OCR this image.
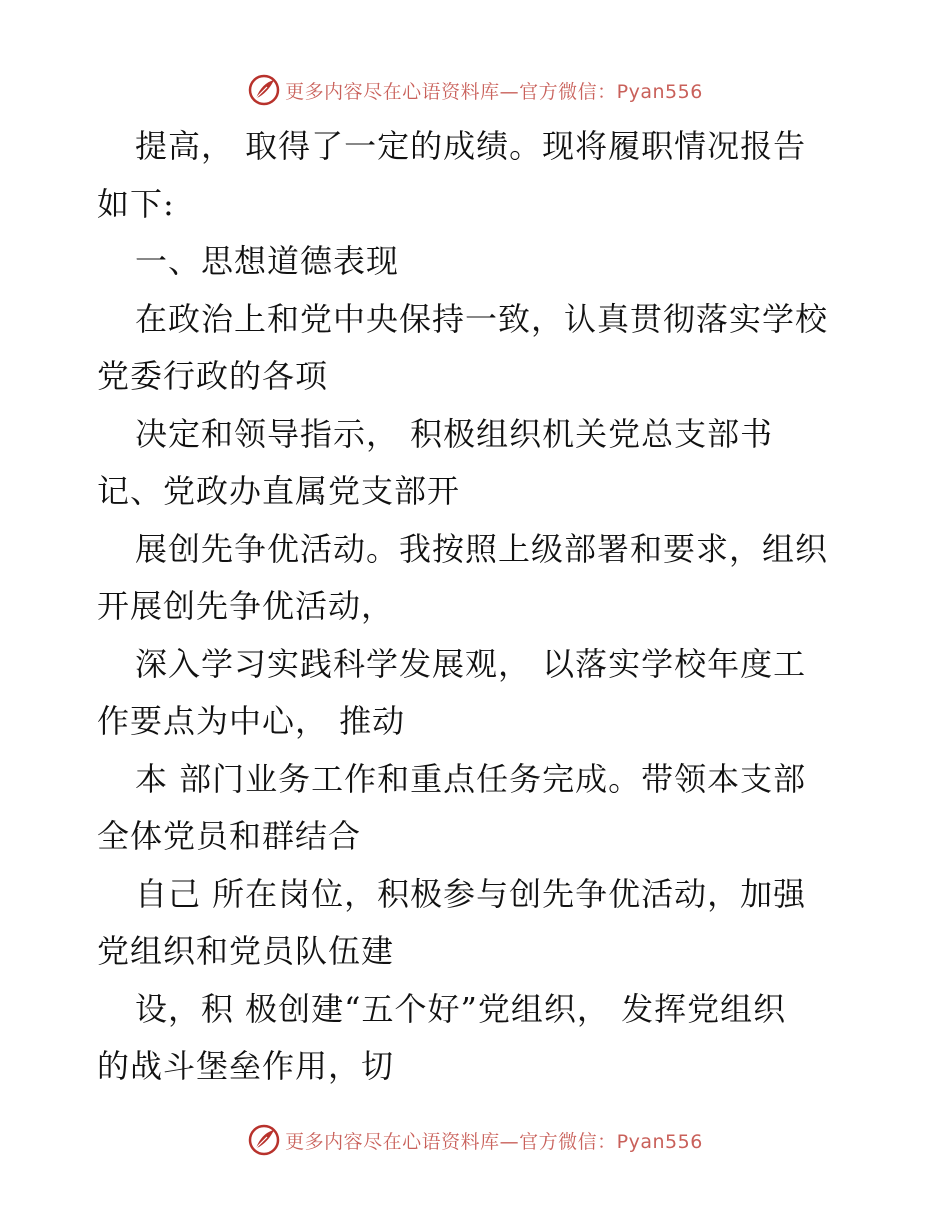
更多内容尽在心语资料库—官方微信：Pyan556
提高， 取得了一定的成绩。现将履职情况报告
如下:
一、思想道德表现
在政治上和党中央保持一致，认真贯彻落实学校
党委行政的各项
决定和领导指示， 积极组织机关党总支部书
记、党政办直属党支部开
展创先争优活动。我按照上级部署和要求，组织
开展创先争优活动，
深入学习实践科学发展观， 以落实学校年度工
作要点为中心， 推动
本 部门业务工作和重点任务完成。带领本支部
全体党员和群结合
自己 所在岗位，积极参与创先争优活动，加强
党组织和党员队伍建
设，积 极创建“五个好”党组织， 发挥党组织
的战斗堡垒作用，切
更多内容尽在心语资料库—官方微信：Pyan556
